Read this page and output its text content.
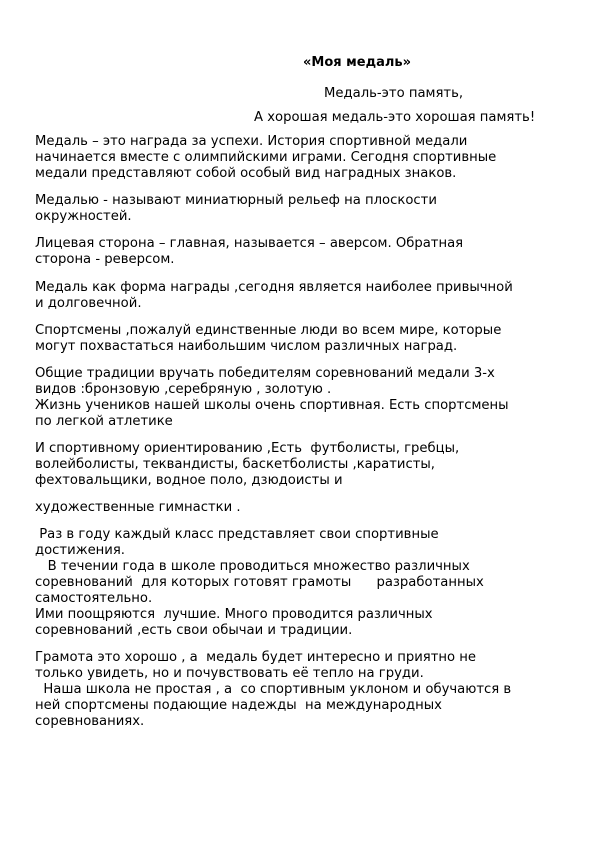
«Моя медаль»
Медаль-это память,
А хорошая медаль-это хорошая память!
Медаль – это награда за успехи. История спортивной медали
начинается вместе с олимпийскими играми. Сегодня спортивные
медали представляют собой особый вид наградных знаков.
Медалью - называют миниатюрный рельеф на плоскости
окружностей.
Лицевая сторона – главная, называется – аверсом. Обратная
сторона - реверсом.
Медаль как форма награды ,сегодня является наиболее привычной
и долговечной.
Спортсмены ,пожалуй единственные люди во всем мире, которые
могут похвастаться наибольшим числом различных наград.
Общие традиции вручать победителям соревнований медали 3-х
видов :бронзовую ,серебряную , золотую .
Жизнь учеников нашей школы очень спортивная. Есть спортсмены
по легкой атлетике
И спортивному ориентированию ,Есть  футболисты, гребцы,
волейболисты, теквандисты, баскетболисты ,каратисты,
фехтовальщики, водное поло, дзюдоисты и
художественные гимнастки .
Раз в году каждый класс представляет свои спортивные
достижения.
В течении года в школе проводиться множество различных
соревнований  для которых готовят грамоты      разработанных
самостоятельно.
Ими поощряются  лучшие. Много проводится различных
соревнований ,есть свои обычаи и традиции.
Грамота это хорошо , а  медаль будет интересно и приятно не
только увидеть, но и почувствовать её тепло на груди.
Наша школа не простая , а  со спортивным уклоном и обучаются в
ней спортсмены подающие надежды  на международных
соревнованиях.
